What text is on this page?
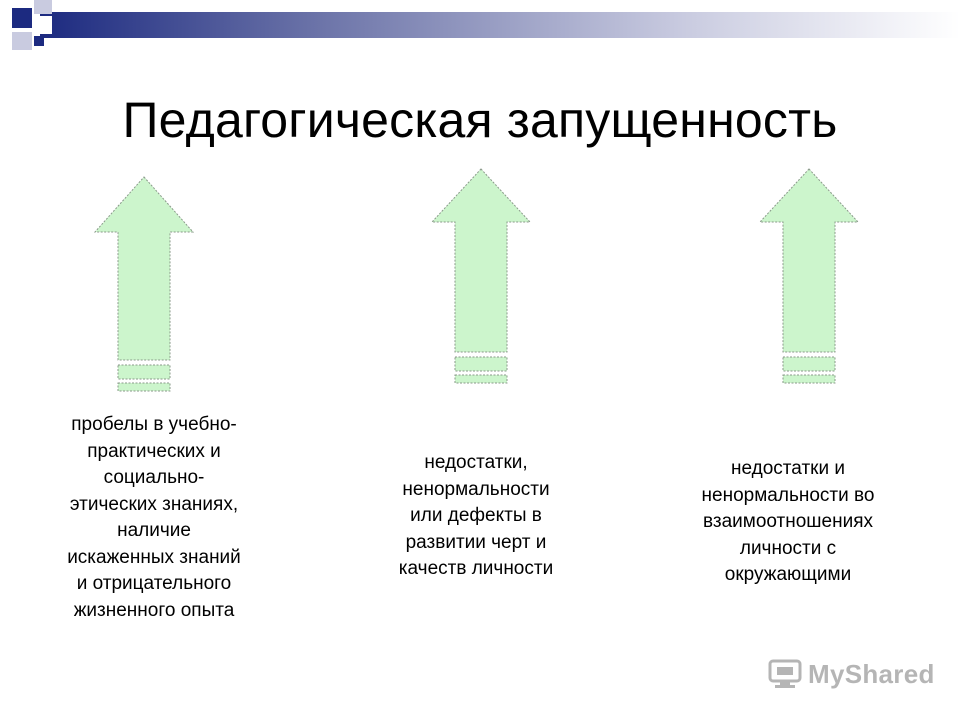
Педагогическая запущенность
пробелы в учебно-
практических и
социально-
этических знаниях,
наличие
искаженных знаний
и отрицательного
жизненного опыта
недостатки,
ненормальности
или дефекты в
развитии черт и
качеств личности
недостатки и
ненормальности во
взаимоотношениях
личности с
окружающими
MyShared
